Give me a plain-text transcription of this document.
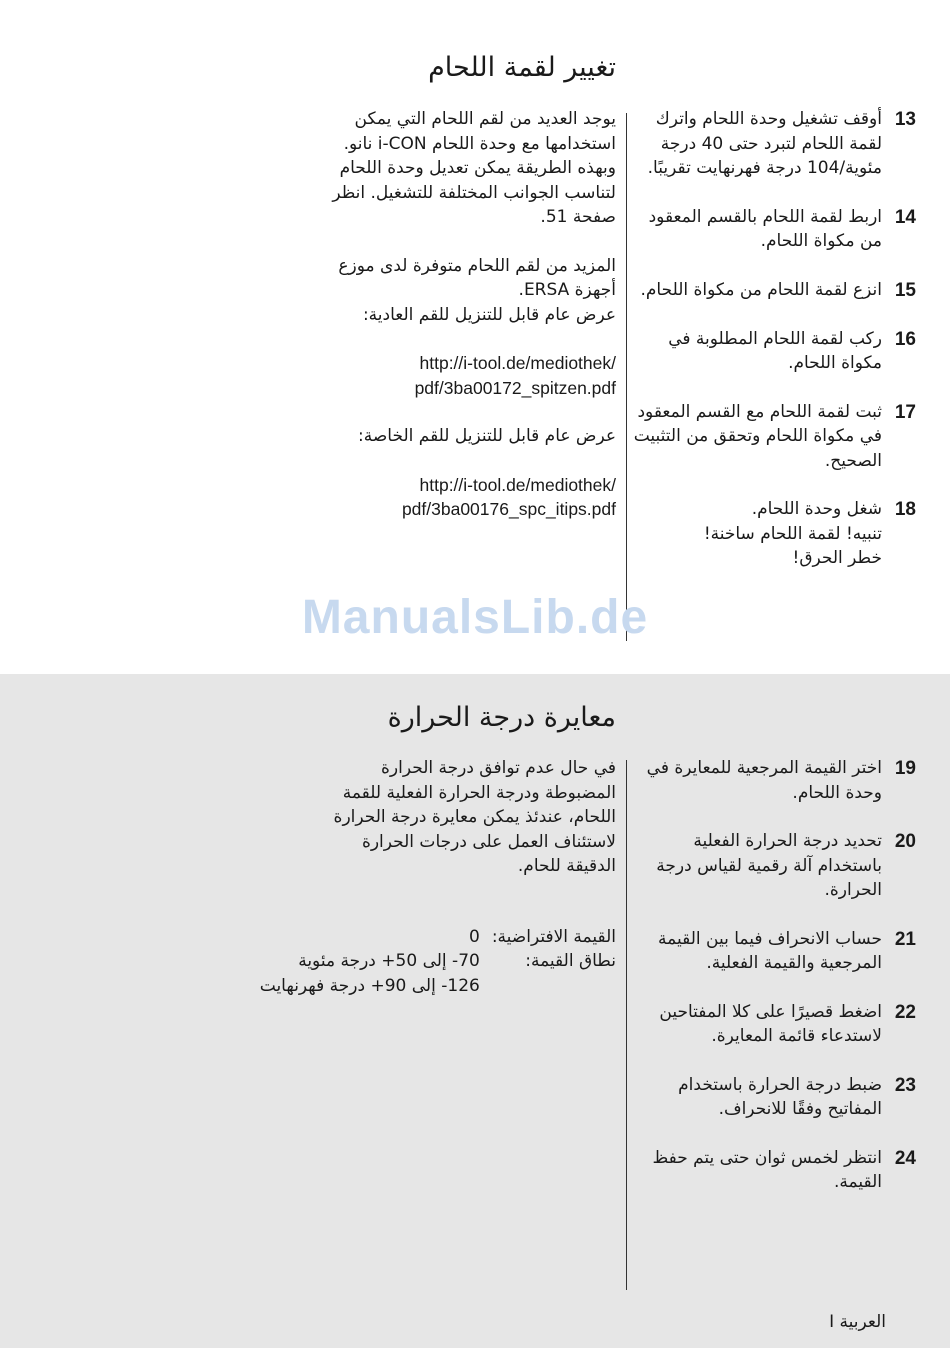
تغيير لقمة اللحام
13
أوقف تشغيل وحدة اللحام واترك لقمة اللحام لتبرد حتى 40 درجة مئوية/104 درجة فهرنهايت تقريبًا.
14
اربط لقمة اللحام بالقسم المعقود من مكواة اللحام.
15
انزع لقمة اللحام من مكواة اللحام.
16
ركب لقمة اللحام المطلوبة في مكواة اللحام.
17
ثبت لقمة اللحام مع القسم المعقود في مكواة اللحام وتحقق من التثبيت الصحيح.
18
شغل وحدة اللحام.
تنبيه! لقمة اللحام ساخنة!
خطر الحرق!

يوجد العديد من لقم اللحام التي يمكن استخدامها مع وحدة اللحام i-CON نانو. وبهذه الطريقة يمكن تعديل وحدة اللحام لتناسب الجوانب المختلفة للتشغيل. انظر صفحة 51.

المزيد من لقم اللحام متوفرة لدى موزع أجهزة ERSA.

عرض عام قابل للتنزيل للقم العادية:

http://i-tool.de/mediothek/
pdf/3ba00172_spitzen.pdf

عرض عام قابل للتنزيل للقم الخاصة:

http://i-tool.de/mediothek/
pdf/3ba00176_spc_itips.pdf

ManualsLib.de
معايرة درجة الحرارة
19
اختر القيمة المرجعية للمعايرة في وحدة اللحام.
20
تحديد درجة الحرارة الفعلية باستخدام آلة رقمية لقياس درجة الحرارة.
21
حساب الانحراف فيما بين القيمة المرجعية والقيمة الفعلية.
22
اضغط قصيرًا على كلا المفتاحين لاستدعاء قائمة المعايرة.
23
ضبط درجة الحرارة باستخدام المفاتيح وفقًا للانحراف.
24
انتظر لخمس ثوان حتى يتم حفظ القيمة.

في حال عدم توافق درجة الحرارة المضبوطة ودرجة الحرارة الفعلية للقمة اللحام، عندئذ يمكن معايرة درجة الحرارة لاستئناف العمل على درجات الحرارة الدقيقة للحام.

القيمة الافتراضية:
0
نطاق القيمة:
70- إلى 50+ درجة مئوية
126- إلى 90+ درجة فهرنهايت
العربية I
